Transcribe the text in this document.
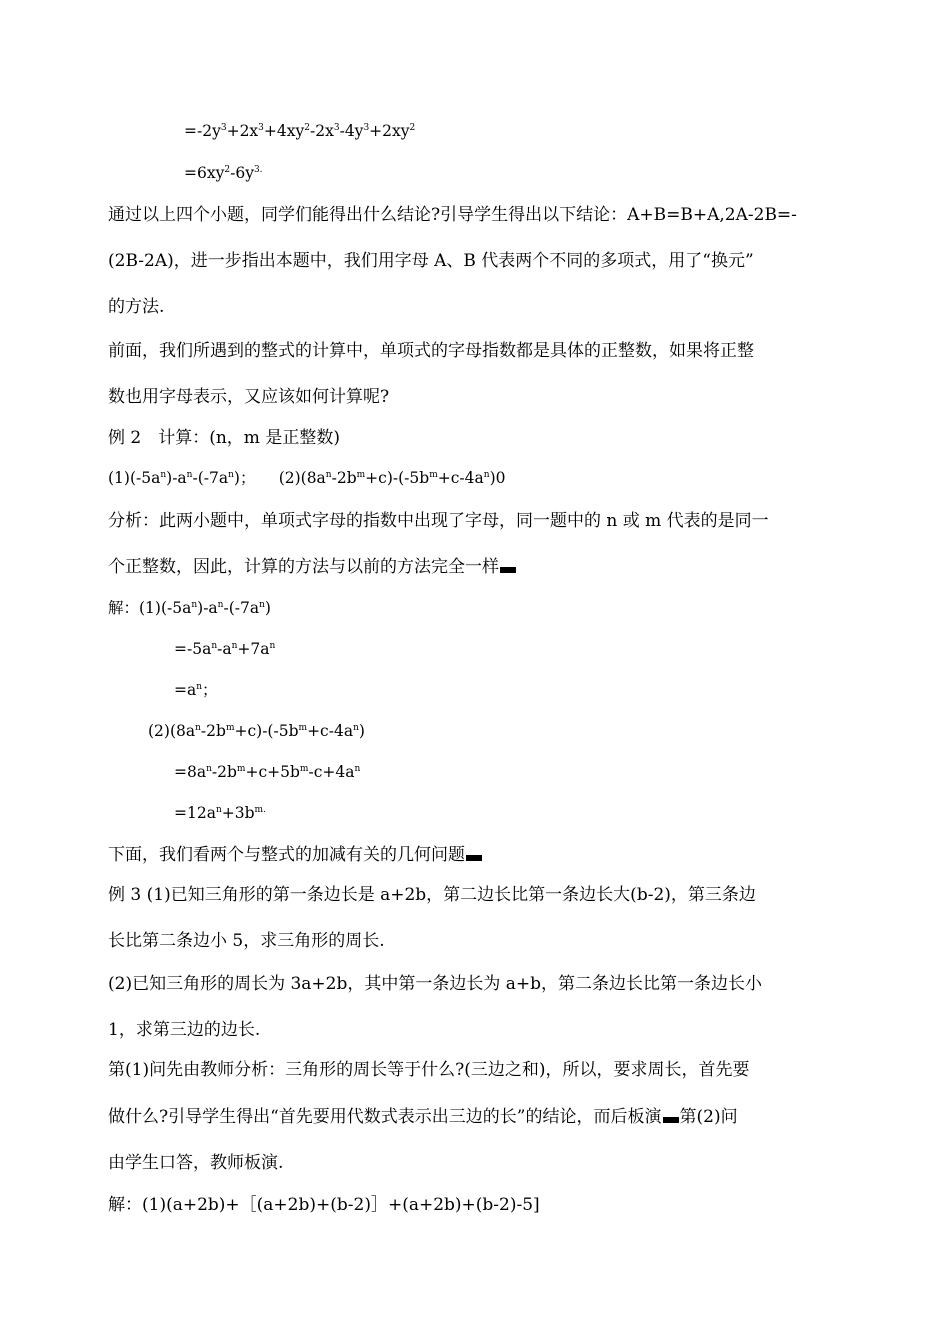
$=-2y^3+2x^3+4xy^2-2x^3-4y^3+2xy^2$
$=6xy^2-6y^{3.}$
通过以上四个小题，同学们能得出什么结论?引导学生得出以下结论：A+B=B+A,2A-2B=-
(2B-2A)，进一步指出本题中，我们用字母 A、B 代表两个不同的多项式，用了“换元”
的方法.
前面，我们所遇到的整式的计算中，单项式的字母指数都是具体的正整数，如果将正整
数也用字母表示，又应该如何计算呢?
例 2　计算：(n，m 是正整数)
$(1)(-5a^n)-a^n-(-7a^n)$；　　$(2)(8a^n-2b^m+c)-(-5b^m+c-4a^n)0$
分析：此两小题中，单项式字母的指数中出现了字母，同一题中的 n 或 m 代表的是同一
个正整数，因此，计算的方法与以前的方法完全一样
解：$(1)(-5a^n)-a^n-(-7a^n)$
$=-5a^n-a^n+7a^n$
$=a^n$；
$(2)(8a^n-2b^m+c)-(-5b^m+c-4a^n)$
$=8a^n-2b^m+c+5b^m-c+4a^n$
$=12a^n+3b^{m.}$
下面，我们看两个与整式的加减有关的几何问题
例 3 (1)已知三角形的第一条边长是 a+2b，第二边长比第一条边长大(b-2)，第三条边
长比第二条边小 5，求三角形的周长.
(2)已知三角形的周长为 3a+2b，其中第一条边长为 a+b，第二条边长比第一条边长小
1，求第三边的边长.
第(1)问先由教师分析：三角形的周长等于什么?(三边之和)，所以，要求周长，首先要
做什么?引导学生得出“首先要用代数式表示出三边的长”的结论，而后板演 第(2)问
由学生口答，教师板演.
解：(1)(a+2b)+［(a+2b)+(b-2)］+(a+2b)+(b-2)-5]
